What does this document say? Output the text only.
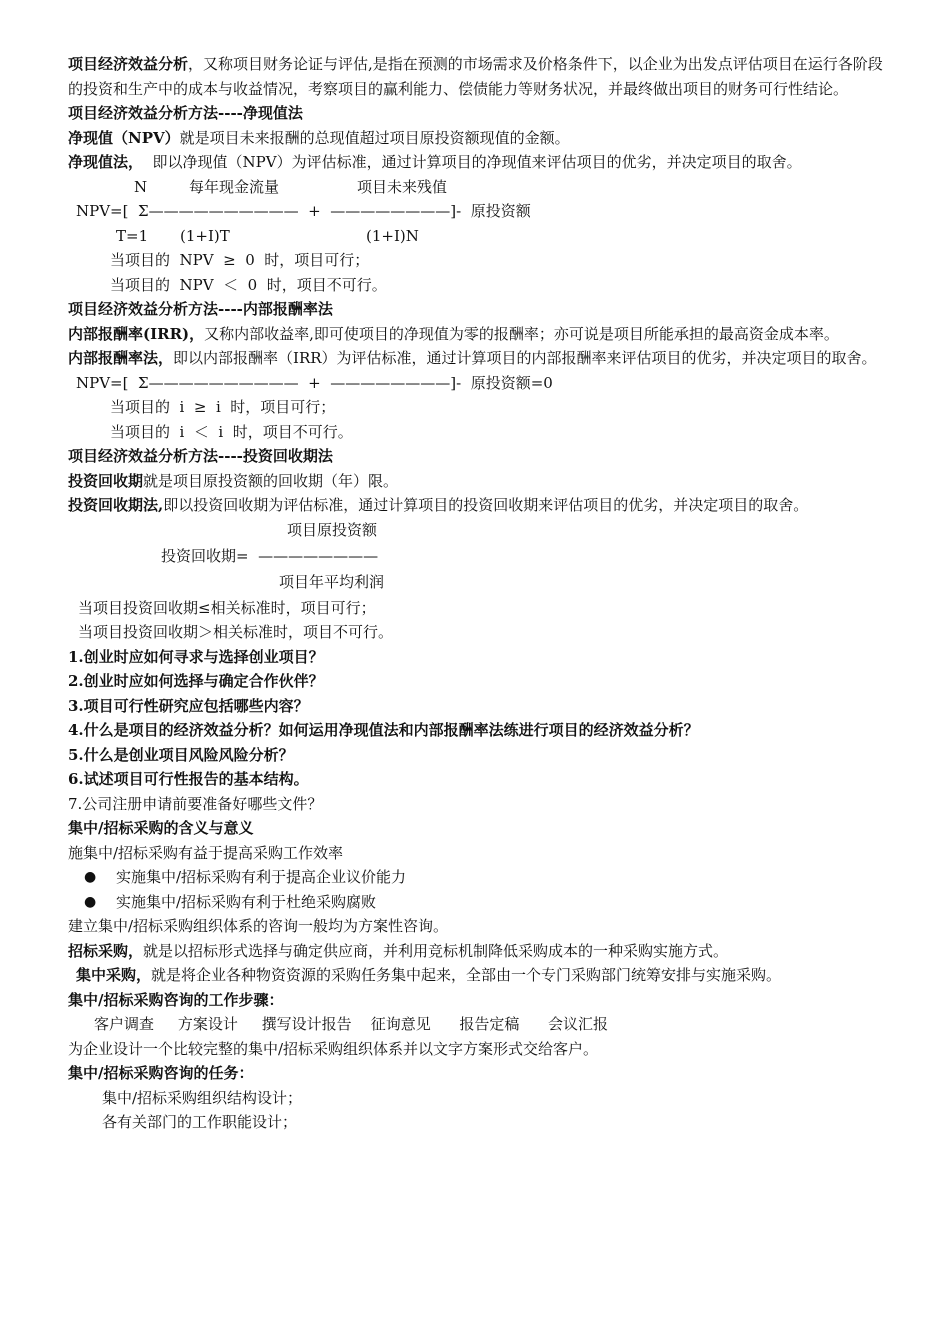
项目经济效益分析，又称项目财务论证与评估,是指在预测的市场需求及价格条件下，以企业为出发点评估项目在运行各阶段的投资和生产中的成本与收益情况，考察项目的赢利能力、偿债能力等财务状况，并最终做出项目的财务可行性结论。

项目经济效益分析方法----净现值法

净现值（NPV）就是项目未来报酬的总现值超过项目原投资额现值的金额。

净现值法，  即以净现值（NPV）为评估标准，通过计算项目的净现值来评估项目的优劣，并决定项目的取舍。

N

	每年现金流量

	项目未来残值

NPV=[  Σ——————————  +  ————————]-  原投资额

T=1

(1+I)T

	(1+I)N

当项目的  NPV  ≥  0  时，项目可行；

当项目的  NPV  ＜  0  时，项目不可行。

项目经济效益分析方法----内部报酬率法

内部报酬率(IRR)，又称内部收益率,即可使项目的净现值为零的报酬率；亦可说是项目所能承担的最高资金成本率。

内部报酬率法，即以内部报酬率（IRR）为评估标准，通过计算项目的内部报酬率来评估项目的优劣，并决定项目的取舍。

NPV=[  Σ——————————  +  ————————]-  原投资额=0

当项目的  i  ≥  i  时，项目可行；

当项目的  i  ＜  i  时，项目不可行。

项目经济效益分析方法----投资回收期法

投资回收期就是项目原投资额的回收期（年）限。

投资回收期法,即以投资回收期为评估标准，通过计算项目的投资回收期来评估项目的优劣，并决定项目的取舍。

项目原投资额

投资回收期=  ————————

项目年平均利润

当项目投资回收期≤相关标准时，项目可行；

当项目投资回收期＞相关标准时，项目不可行。

1.创业时应如何寻求与选择创业项目？

2.创业时应如何选择与确定合作伙伴？

3.项目可行性研究应包括哪些内容？

4.什么是项目的经济效益分析？如何运用净现值法和内部报酬率法练进行项目的经济效益分析？

5.什么是创业项目风险风险分析？

6.试述项目可行性报告的基本结构。

7.公司注册申请前要准备好哪些文件？

集中/招标采购的含义与意义

施集中/招标采购有益于提高采购工作效率

●	实施集中/招标采购有利于提高企业议价能力
●	实施集中/招标采购有利于杜绝采购腐败

建立集中/招标采购组织体系的咨询一般均为方案性咨询。

招标采购，就是以招标形式选择与确定供应商，并利用竞标机制降低采购成本的一种采购实施方式。

集中采购，就是将企业各种物资资源的采购任务集中起来，全部由一个专门采购部门统筹安排与实施采购。

集中/招标采购咨询的工作步骤：

客户调查     方案设计     撰写设计报告    征询意见      报告定稿      会议汇报

为企业设计一个比较完整的集中/招标采购组织体系并以文字方案形式交给客户。

集中/招标采购咨询的任务：

集中/招标采购组织结构设计；

各有关部门的工作职能设计；
